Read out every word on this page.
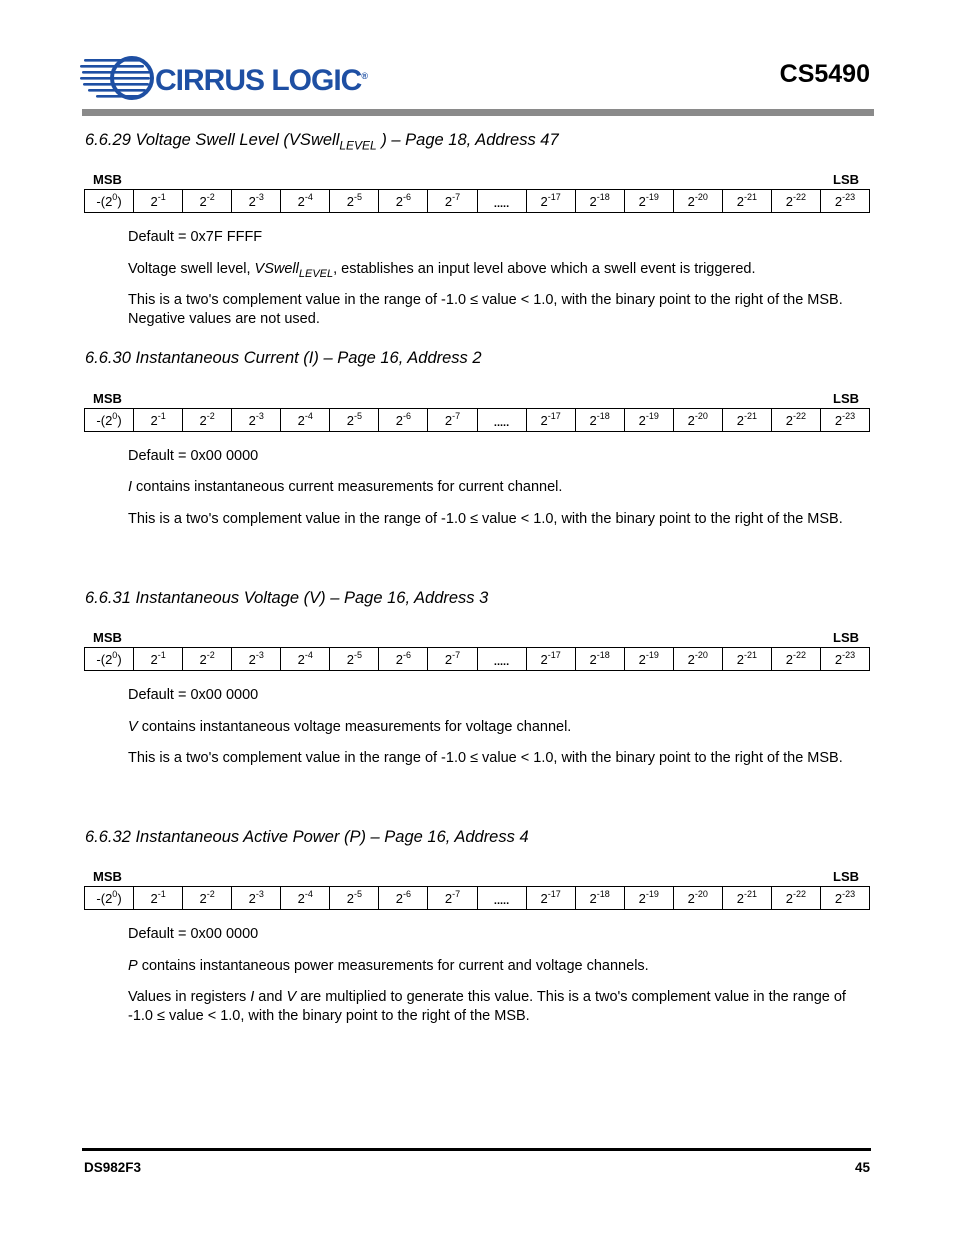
CIRRUS LOGIC®	CS5490
6.6.29 Voltage Swell Level (VSwell$_{LEVEL}$ ) – Page 18, Address 47
MSB	LSB
$-(2^0)$	$2^{-1}$	$2^{-2}$	$2^{-3}$	$2^{-4}$	$2^{-5}$	$2^{-6}$	$2^{-7}$	.....	$2^{-17}$	$2^{-18}$	$2^{-19}$	$2^{-20}$	$2^{-21}$	$2^{-22}$	$2^{-23}$
Default = 0x7F FFFF
Voltage swell level, VSwell$_{LEVEL}$, establishes an input level above which a swell event is triggered.
This is a two's complement value in the range of -1.0 ≤ value < 1.0, with the binary point to the right of the MSB. Negative values are not used.
6.6.30 Instantaneous Current (I) – Page 16, Address 2
MSB	LSB
$-(2^0)$	$2^{-1}$	$2^{-2}$	$2^{-3}$	$2^{-4}$	$2^{-5}$	$2^{-6}$	$2^{-7}$	.....	$2^{-17}$	$2^{-18}$	$2^{-19}$	$2^{-20}$	$2^{-21}$	$2^{-22}$	$2^{-23}$
Default = 0x00 0000
I contains instantaneous current measurements for current channel.
This is a two's complement value in the range of -1.0 ≤ value < 1.0, with the binary point to the right of the MSB.
6.6.31 Instantaneous Voltage (V) – Page 16, Address 3
MSB	LSB
$-(2^0)$	$2^{-1}$	$2^{-2}$	$2^{-3}$	$2^{-4}$	$2^{-5}$	$2^{-6}$	$2^{-7}$	.....	$2^{-17}$	$2^{-18}$	$2^{-19}$	$2^{-20}$	$2^{-21}$	$2^{-22}$	$2^{-23}$
Default = 0x00 0000
V contains instantaneous voltage measurements for voltage channel.
This is a two's complement value in the range of -1.0 ≤ value < 1.0, with the binary point to the right of the MSB.
6.6.32 Instantaneous Active Power (P) – Page 16, Address 4
MSB	LSB
$-(2^0)$	$2^{-1}$	$2^{-2}$	$2^{-3}$	$2^{-4}$	$2^{-5}$	$2^{-6}$	$2^{-7}$	.....	$2^{-17}$	$2^{-18}$	$2^{-19}$	$2^{-20}$	$2^{-21}$	$2^{-22}$	$2^{-23}$
Default = 0x00 0000
P contains instantaneous power measurements for current and voltage channels.
Values in registers I and V are multiplied to generate this value. This is a two's complement value in the range of -1.0 ≤ value < 1.0, with the binary point to the right of the MSB.
DS982F3	45
